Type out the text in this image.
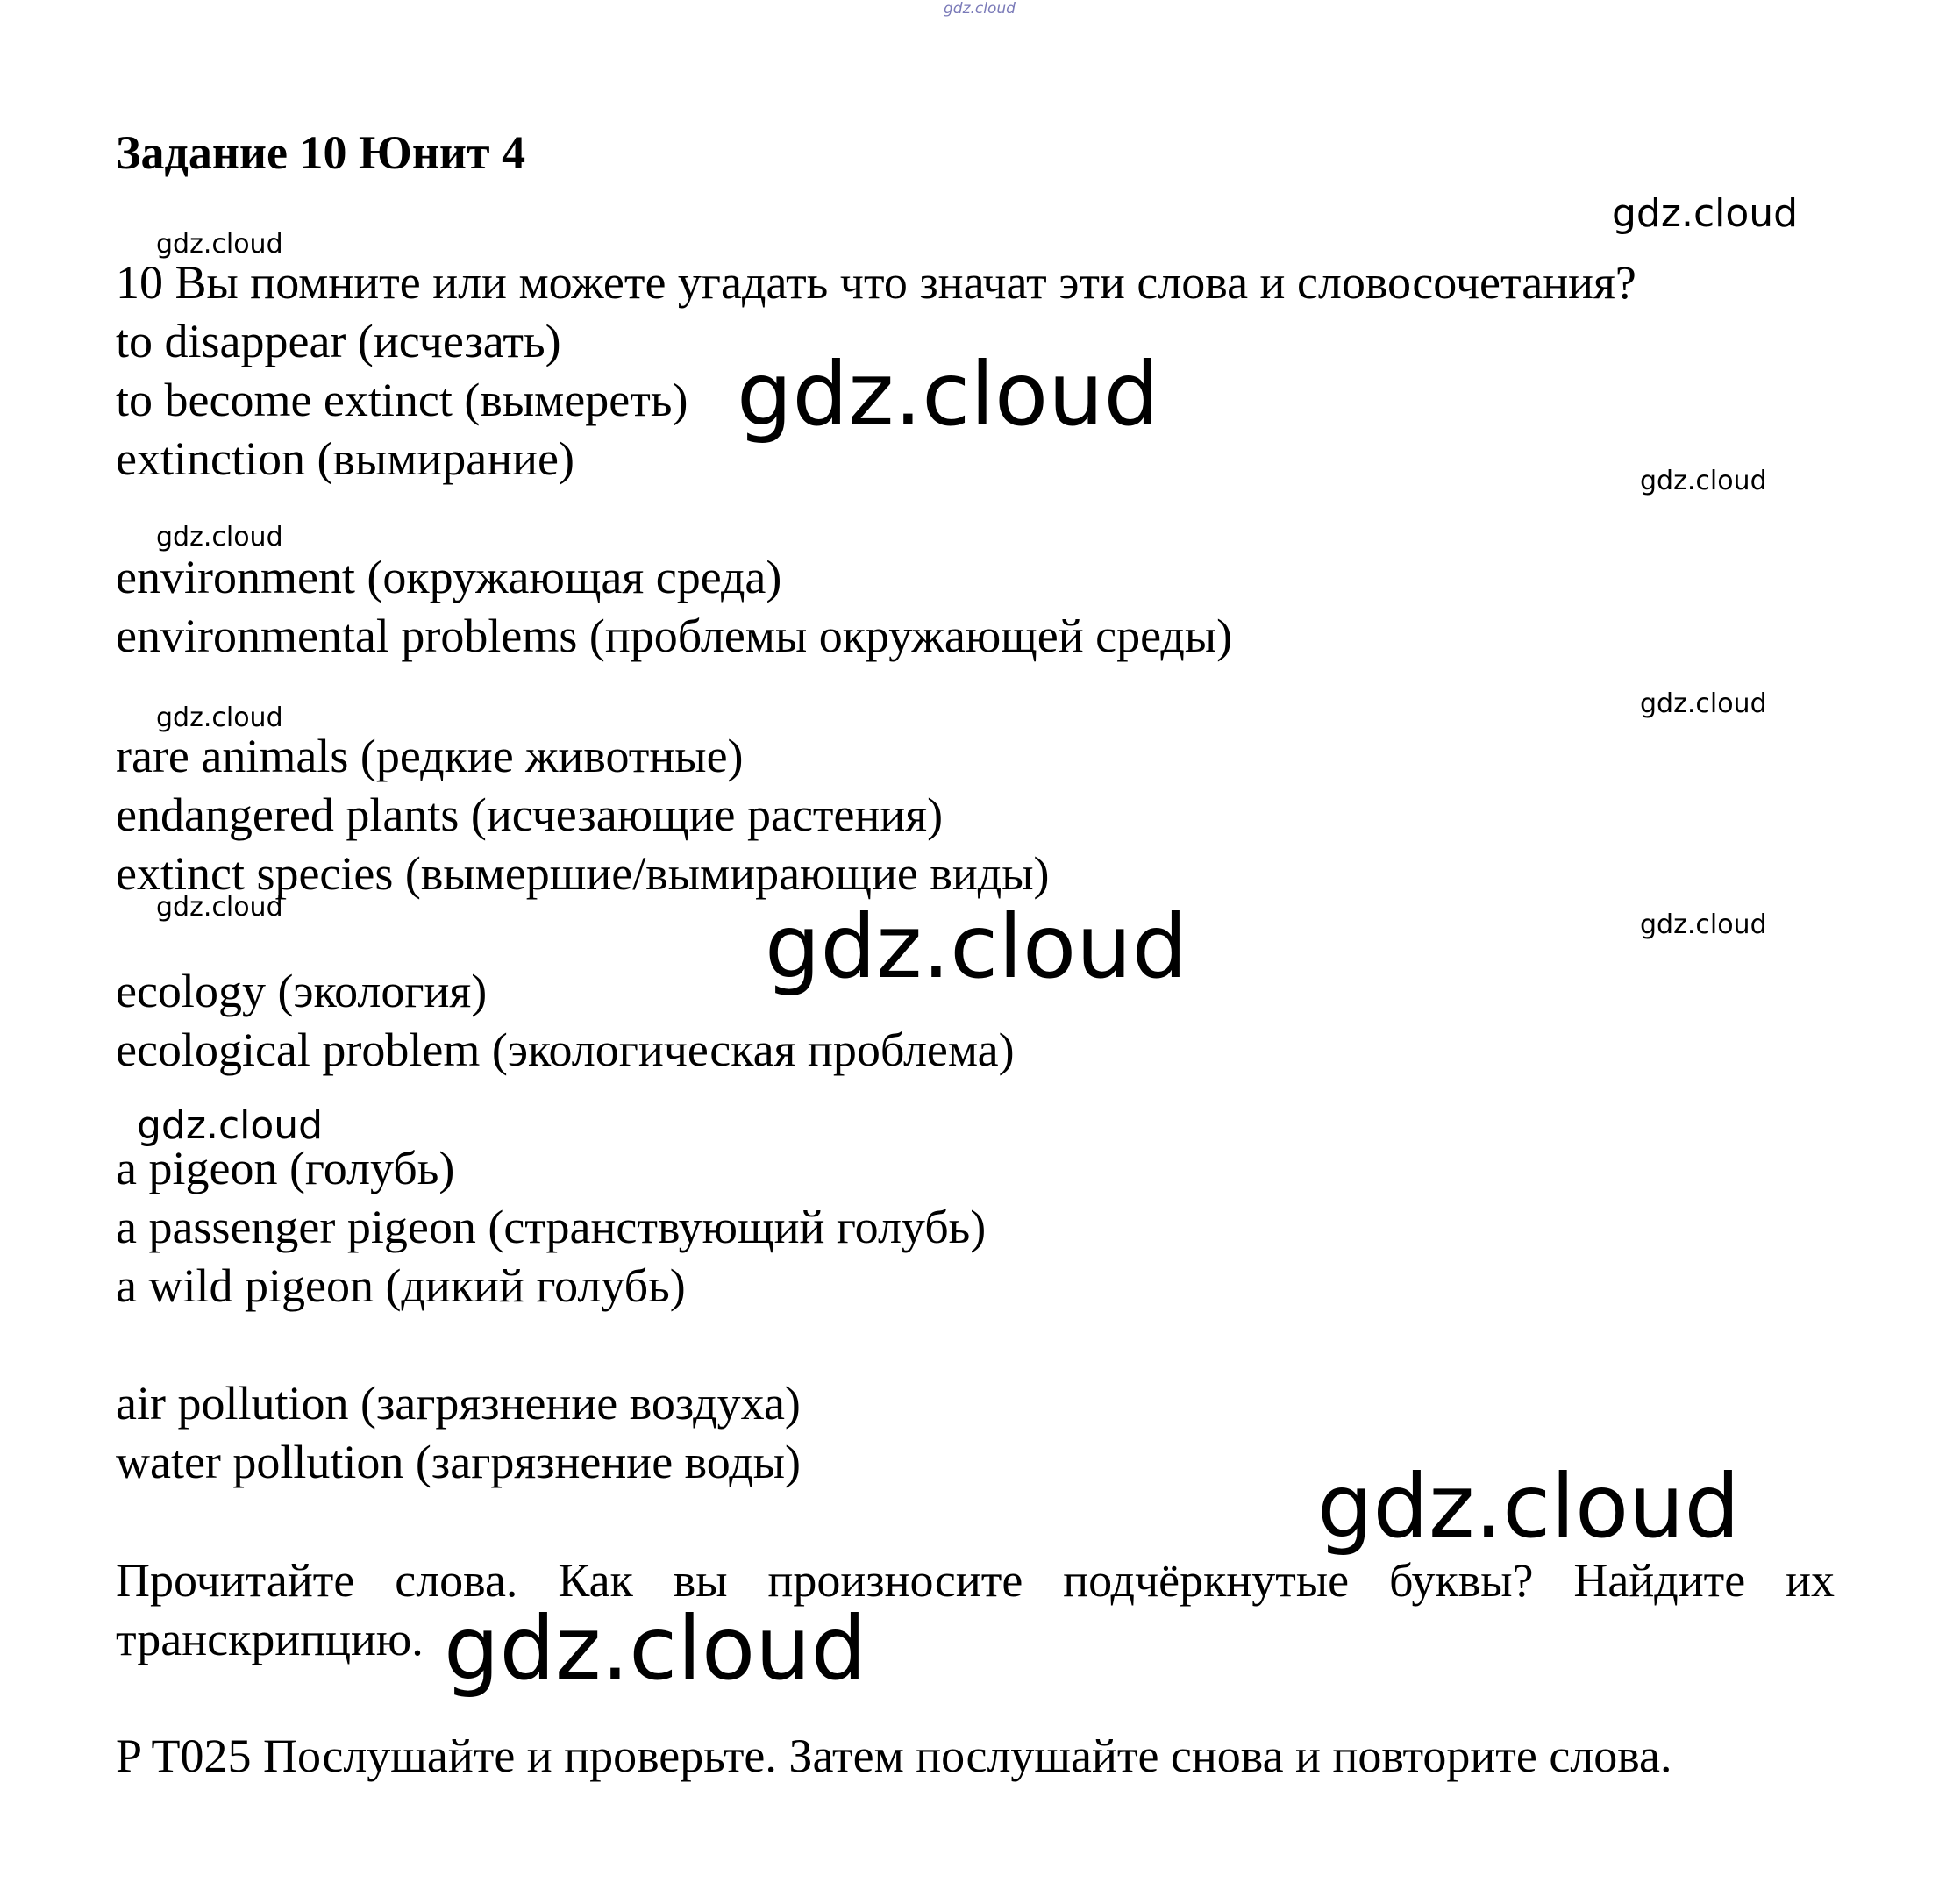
gdz.cloud
Задание 10 Юнит 4
gdz.cloud
gdz.cloud
10 Вы помните или можете угадать что значат эти слова и словосочетания?
to disappear (исчезать)
to become extinct (вымереть)
extinction (вымирание)
gdz.cloud
gdz.cloud
gdz.cloud
environment (окружающая среда)
environmental problems (проблемы окружающей среды)
gdz.cloud
gdz.cloud
rare animals (редкие животные)
endangered plants (исчезающие растения)
extinct species (вымершие/вымирающие виды)
gdz.cloud	gdz.cloud	gdz.cloud
ecology (экология)
ecological problem (экологическая проблема)
gdz.cloud
a pigeon (голубь)
a passenger pigeon (странствующий голубь)
a wild pigeon (дикий голубь)
air pollution (загрязнение воздуха)
water pollution (загрязнение воды)	gdz.cloud
Прочитайте слова. Как вы произносите подчёркнутые буквы? Найдите их транскрипцию. gdz.cloud
P T025 Послушайте и проверьте. Затем послушайте снова и повторите слова.
